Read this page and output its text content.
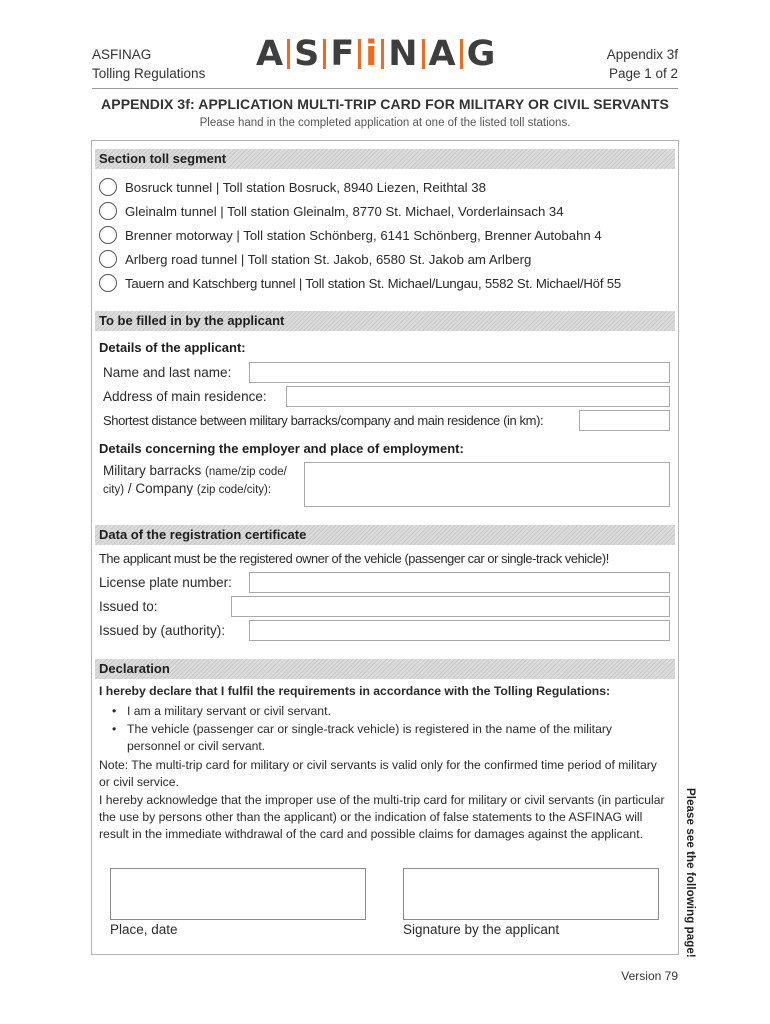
ASFINAG
Tolling Regulations A S F i N A G	Appendix 3f
Page 1 of 2
APPENDIX 3f: APPLICATION MULTI-TRIP CARD FOR MILITARY OR CIVIL SERVANTS
Please hand in the completed application at one of the listed toll stations.
Section toll segment
Bosruck tunnel | Toll station Bosruck, 8940 Liezen, Reithtal 38
Gleinalm tunnel | Toll station Gleinalm, 8770 St. Michael, Vorderlainsach 34
Brenner motorway | Toll station Schönberg, 6141 Schönberg, Brenner Autobahn 4
Arlberg road tunnel | Toll station St. Jakob, 6580 St. Jakob am Arlberg
Tauern and Katschberg tunnel | Toll station St. Michael/Lungau, 5582 St. Michael/Höf 55
To be filled in by the applicant
Details of the applicant:
Name and last name:
Address of main residence:
Shortest distance between military barracks/company and main residence (in km):
Details concerning the employer and place of employment:
Military barracks (name/zip code/
city) / Company (zip code/city):
Data of the registration certificate
The applicant must be the registered owner of the vehicle (passenger car or single-track vehicle)!
License plate number:
Issued to:
Issued by (authority):
Declaration
I hereby declare that I fulfil the requirements in accordance with the Tolling Regulations:
• I am a military servant or civil servant.
• The vehicle (passenger car or single-track vehicle) is registered in the name of the military personnel or civil servant.
Note: The multi-trip card for military or civil servants is valid only for the confirmed time period of military or civil service.
I hereby acknowledge that the improper use of the multi-trip card for military or civil servants (in particular the use by persons other than the applicant) or the indication of false statements to the ASFINAG will result in the immediate withdrawal of the card and possible claims for damages against the applicant.
Place, date	Signature by the applicant	Please see the following page!
Version 79
